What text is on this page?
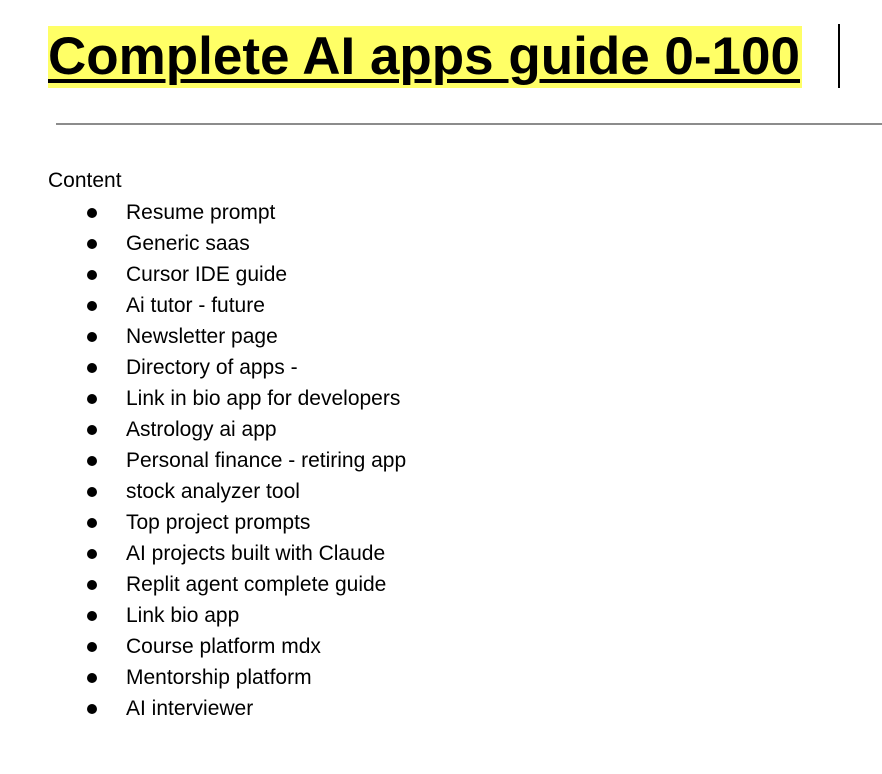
Complete AI apps guide 0-100

Content

Resume prompt
Generic saas
Cursor IDE guide
Ai tutor - future
Newsletter page
Directory of apps -
Link in bio app for developers
Astrology ai app
Personal finance - retiring app
stock analyzer tool
Top project prompts
AI projects built with Claude
Replit agent complete guide
Link bio app
Course platform mdx
Mentorship platform
AI interviewer
